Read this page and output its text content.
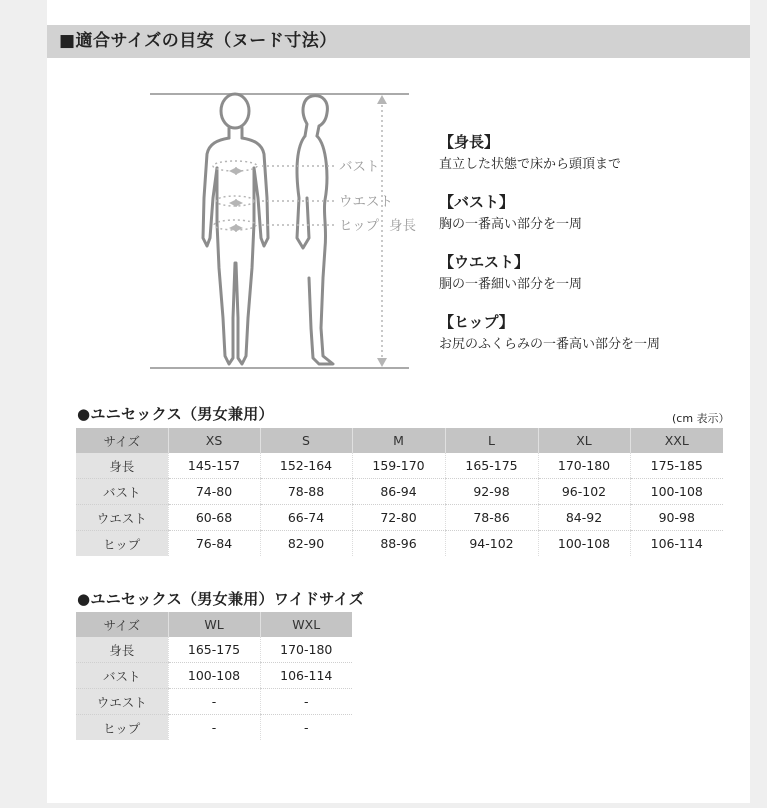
■適合サイズの目安（ヌード寸法）
バスト
ウエスト
ヒップ 身長
【身長】
直立した状態で床から頭頂まで
【バスト】
胸の一番高い部分を一周
【ウエスト】
胴の一番細い部分を一周
【ヒップ】
お尻のふくらみの一番高い部分を一周
●ユニセックス（男女兼用）	(cm 表示）
サイズ	XS	S	M	L	XL	XXL
身長	145-157	152-164	159-170	165-175	170-180	175-185
バスト	74-80	78-88	86-94	92-98	96-102	100-108
ウエスト	60-68	66-74	72-80	78-86	84-92	90-98
ヒップ	76-84	82-90	88-96	94-102	100-108	106-114
●ユニセックス（男女兼用）ワイドサイズ
サイズ	WL	WXL
身長	165-175	170-180
バスト	100-108	106-114
ウエスト	-	-
ヒップ	-	-
